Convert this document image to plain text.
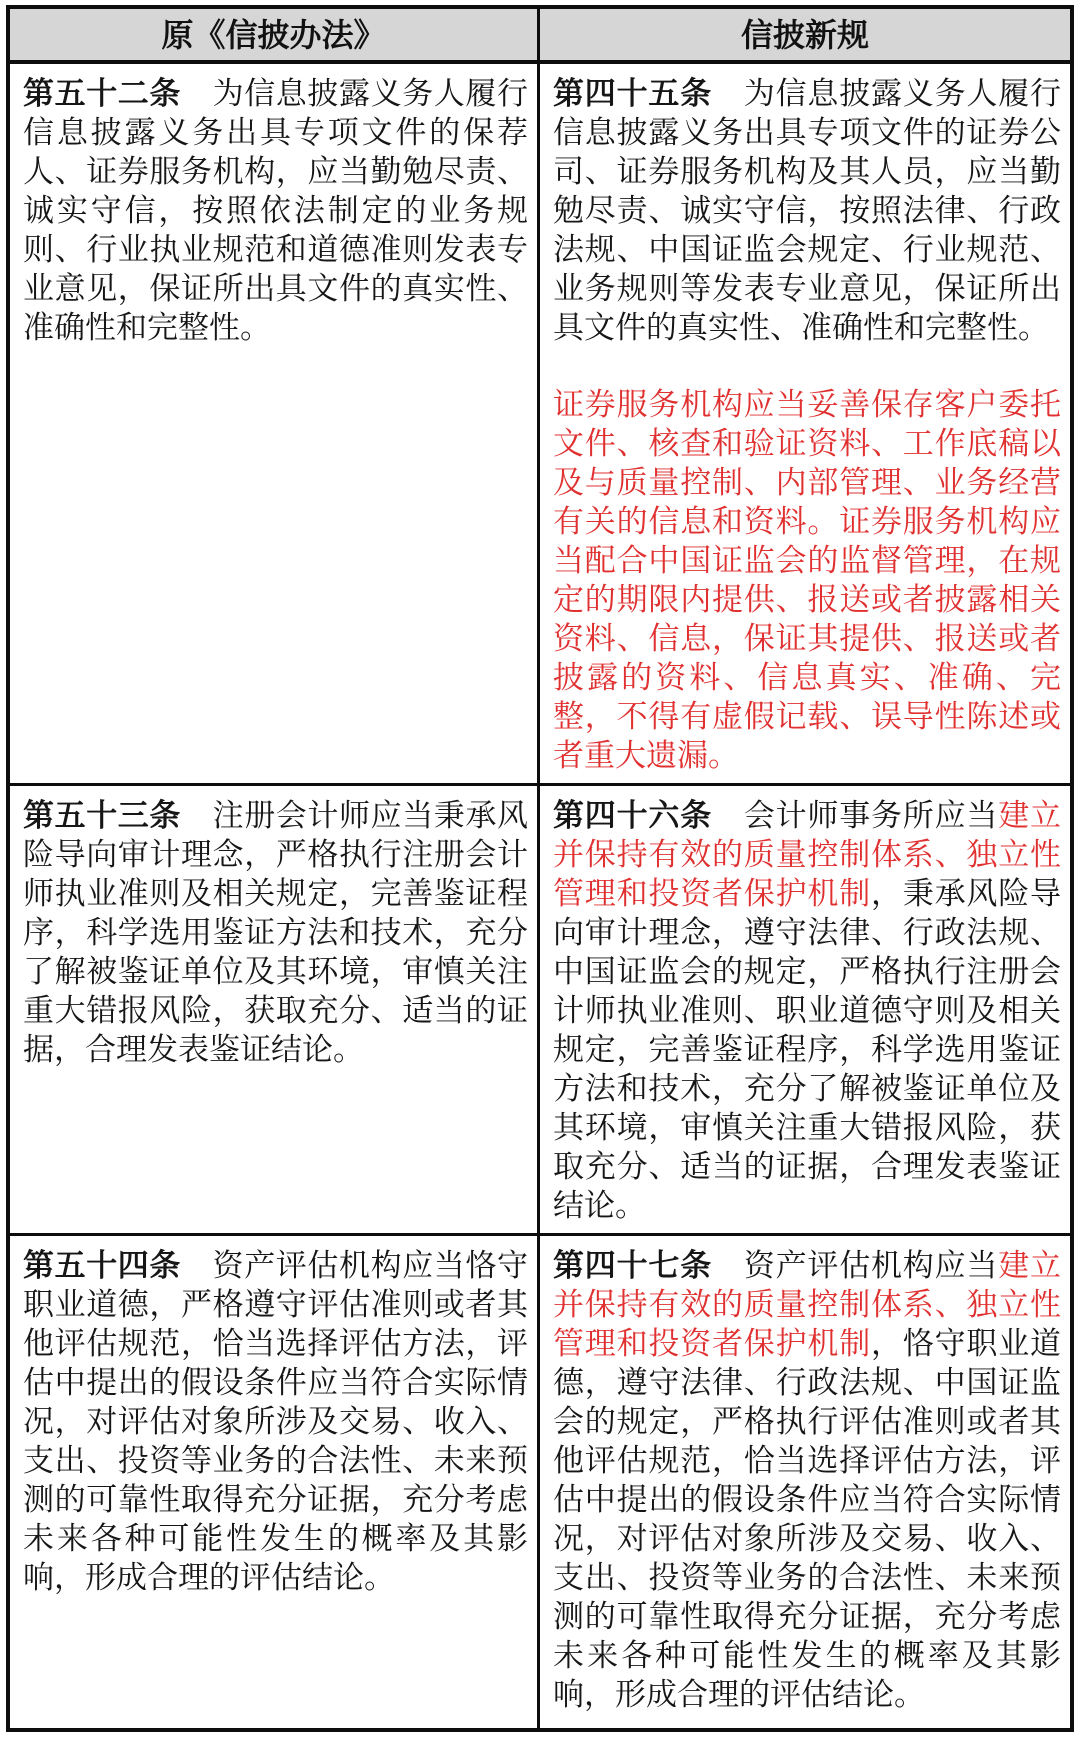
原《信披办法》	信披新规

第五十二条　为信息披露义务人履行信息披露义务出具专项文件的保荐人、证券服务机构，应当勤勉尽责、诚实守信，按照依法制定的业务规则、行业执业规范和道德准则发表专业意见，保证所出具文件的真实性、准确性和完整性。

第四十五条　为信息披露义务人履行信息披露义务出具专项文件的证券公司、证券服务机构及其人员，应当勤勉尽责、诚实守信，按照法律、行政法规、中国证监会规定、行业规范、业务规则等发表专业意见，保证所出具文件的真实性、准确性和完整性。

证券服务机构应当妥善保存客户委托文件、核查和验证资料、工作底稿以及与质量控制、内部管理、业务经营有关的信息和资料。证券服务机构应当配合中国证监会的监督管理，在规定的期限内提供、报送或者披露相关资料、信息，保证其提供、报送或者披露的资料、信息真实、准确、完整，不得有虚假记载、误导性陈述或者重大遗漏。

第五十三条　注册会计师应当秉承风险导向审计理念，严格执行注册会计师执业准则及相关规定，完善鉴证程序，科学选用鉴证方法和技术，充分了解被鉴证单位及其环境，审慎关注重大错报风险，获取充分、适当的证据，合理发表鉴证结论。

第四十六条　会计师事务所应当建立并保持有效的质量控制体系、独立性管理和投资者保护机制，秉承风险导向审计理念，遵守法律、行政法规、中国证监会的规定，严格执行注册会计师执业准则、职业道德守则及相关规定，完善鉴证程序，科学选用鉴证方法和技术，充分了解被鉴证单位及其环境，审慎关注重大错报风险，获取充分、适当的证据，合理发表鉴证结论。

第五十四条　资产评估机构应当恪守职业道德，严格遵守评估准则或者其他评估规范，恰当选择评估方法，评估中提出的假设条件应当符合实际情况，对评估对象所涉及交易、收入、支出、投资等业务的合法性、未来预测的可靠性取得充分证据，充分考虑未来各种可能性发生的概率及其影响，形成合理的评估结论。

第四十七条　资产评估机构应当建立并保持有效的质量控制体系、独立性管理和投资者保护机制，恪守职业道德，遵守法律、行政法规、中国证监会的规定，严格执行评估准则或者其他评估规范，恰当选择评估方法，评估中提出的假设条件应当符合实际情况，对评估对象所涉及交易、收入、支出、投资等业务的合法性、未来预测的可靠性取得充分证据，充分考虑未来各种可能性发生的概率及其影响，形成合理的评估结论。
